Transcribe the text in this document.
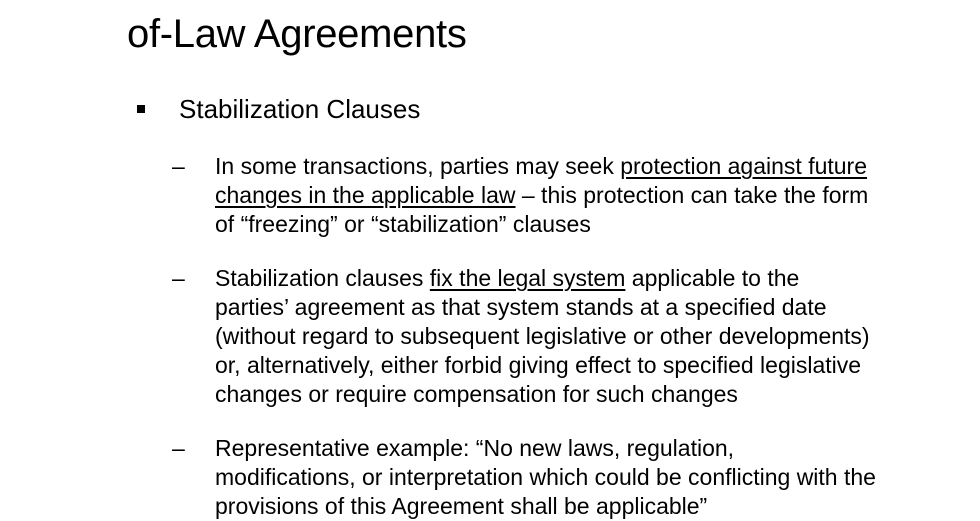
of-Law Agreements
Stabilization Clauses
– In some transactions, parties may seek protection against future
changes in the applicable law – this protection can take the form
of “freezing” or “stabilization” clauses
– Stabilization clauses fix the legal system applicable to the
parties’ agreement as that system stands at a specified date
(without regard to subsequent legislative or other developments)
or, alternatively, either forbid giving effect to specified legislative
changes or require compensation for such changes
– Representative example: “No new laws, regulation,
modifications, or interpretation which could be conflicting with the
provisions of this Agreement shall be applicable”
